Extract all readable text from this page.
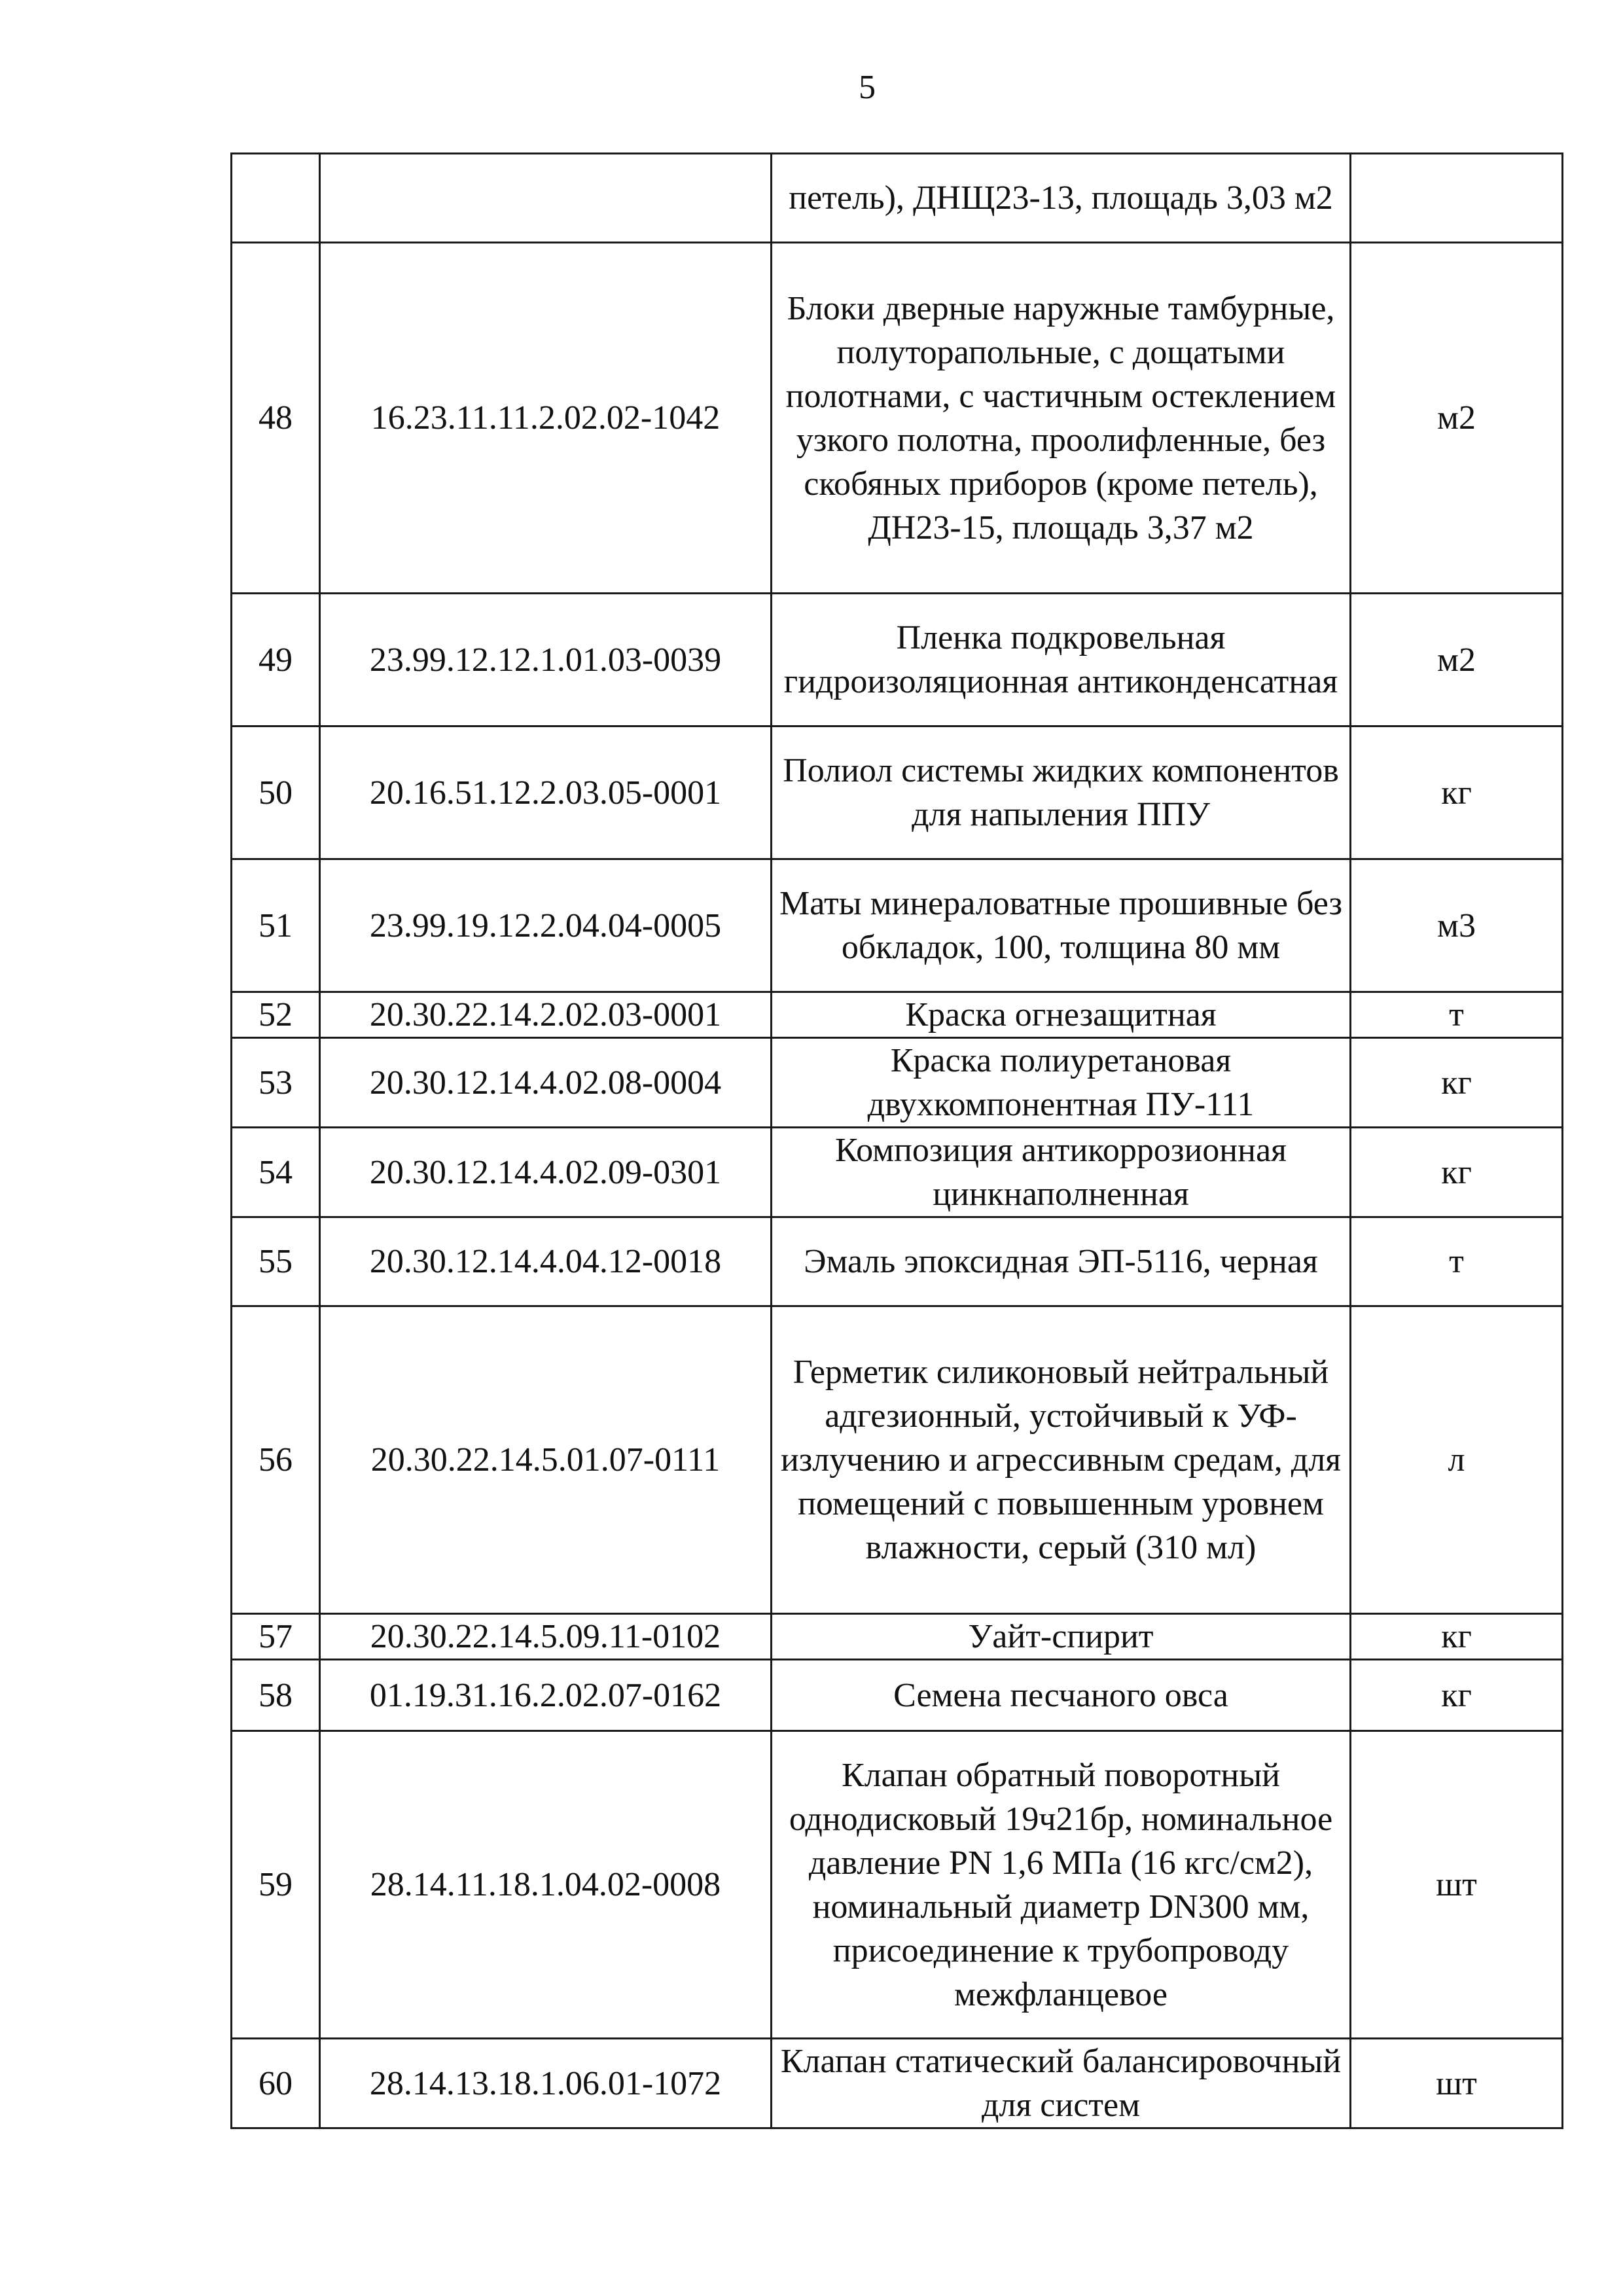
5
		петель), ДНЩ23-13, площадь 3,03 м2	
48	16.23.11.11.2.02.02-1042	Блоки дверные наружные тамбурные, полуторапольные, с дощатыми полотнами, с частичным остеклением узкого полотна, проолифленные, без скобяных приборов (кроме петель), ДН23-15, площадь 3,37 м2	м2
49	23.99.12.12.1.01.03-0039	Пленка подкровельная гидроизоляционная антиконденсатная	м2
50	20.16.51.12.2.03.05-0001	Полиол системы жидких компонентов для напыления ППУ	кг
51	23.99.19.12.2.04.04-0005	Маты минераловатные прошивные без обкладок, 100, толщина 80 мм	м3
52	20.30.22.14.2.02.03-0001	Краска огнезащитная	т
53	20.30.12.14.4.02.08-0004	Краска полиуретановая двухкомпонентная ПУ-111	кг
54	20.30.12.14.4.02.09-0301	Композиция антикоррозионная цинкнаполненная	кг
55	20.30.12.14.4.04.12-0018	Эмаль эпоксидная ЭП-5116, черная	т
56	20.30.22.14.5.01.07-0111	Герметик силиконовый нейтральный адгезионный, устойчивый к УФ-излучению и агрессивным средам, для помещений с повышенным уровнем влажности, серый (310 мл)	л
57	20.30.22.14.5.09.11-0102	Уайт-спирит	кг
58	01.19.31.16.2.02.07-0162	Семена песчаного овса	кг
59	28.14.11.18.1.04.02-0008	Клапан обратный поворотный однодисковый 19ч21бр, номинальное давление PN 1,6 МПа (16 кгс/см2), номинальный диаметр DN300 мм, присоединение к трубопроводу межфланцевое	шт
60	28.14.13.18.1.06.01-1072	Клапан статический балансировочный для систем	шт
